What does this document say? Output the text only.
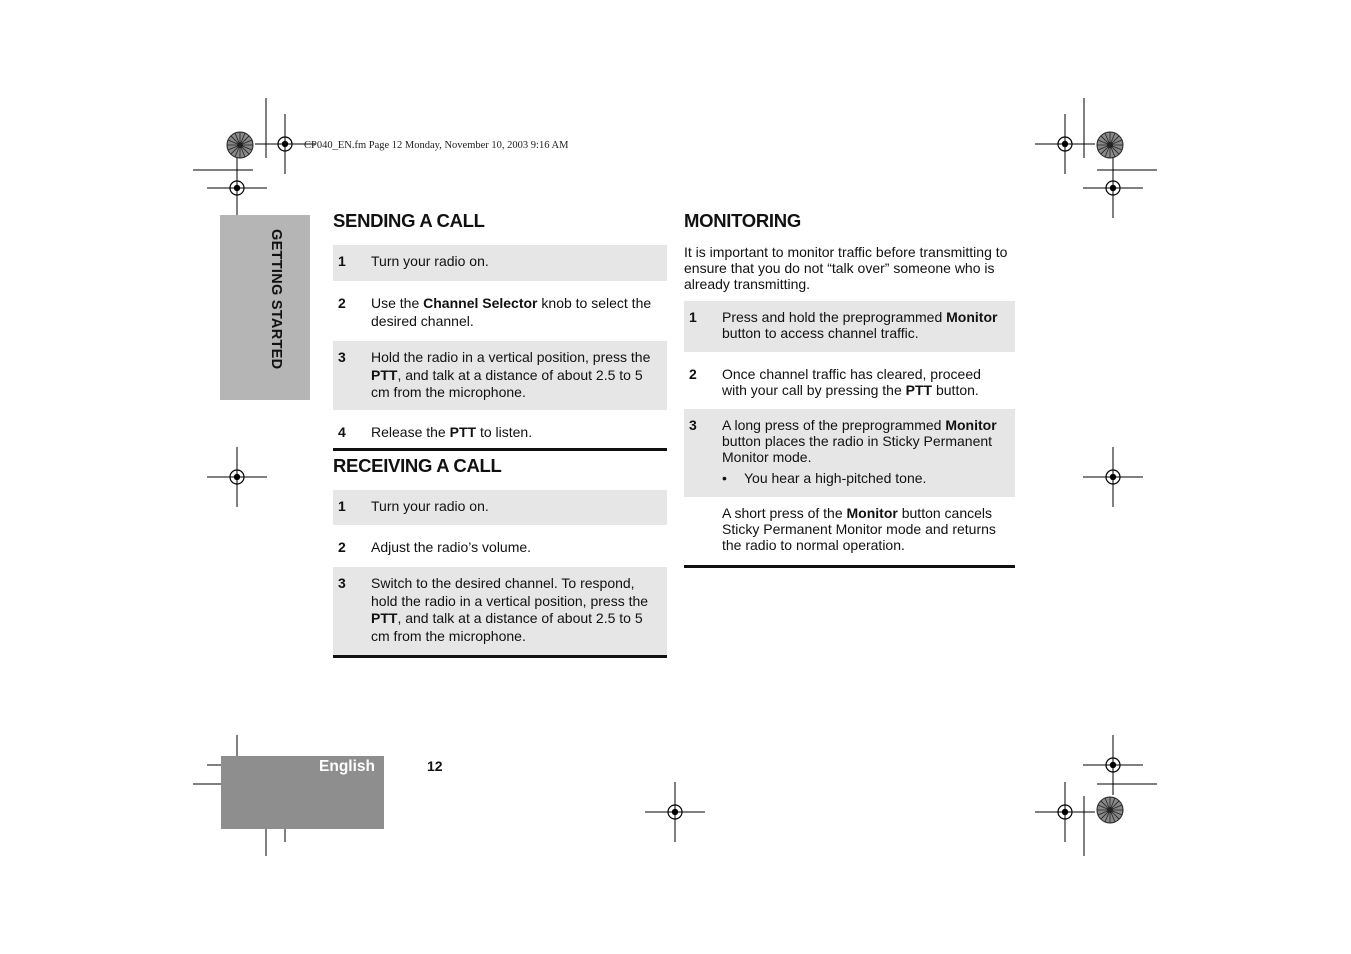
CP040_EN.fm Page 12 Monday, November 10, 2003 9:16 AM
GETTING STARTED
SENDING A CALL
1	Turn your radio on.
2	Use the Channel Selector knob to select the desired channel.
3	Hold the radio in a vertical position, press the PTT, and talk at a distance of about 2.5 to 5 cm from the microphone.
4	Release the PTT to listen.
RECEIVING A CALL
1	Turn your radio on.
2	Adjust the radio’s volume.
3	Switch to the desired channel. To respond, hold the radio in a vertical position, press the PTT, and talk at a distance of about 2.5 to 5 cm from the microphone.
MONITORING

It is important to monitor traffic before transmitting to ensure that you do not “talk over” someone who is already transmitting.

1	Press and hold the preprogrammed Monitor button to access channel traffic.
2	Once channel traffic has cleared, proceed with your call by pressing the PTT button.
3	A long press of the preprogrammed Monitor button places the radio in Sticky Permanent Monitor mode.
•	You hear a high-pitched tone.
A short press of the Monitor button cancels Sticky Permanent Monitor mode and returns the radio to normal operation.
English	12
